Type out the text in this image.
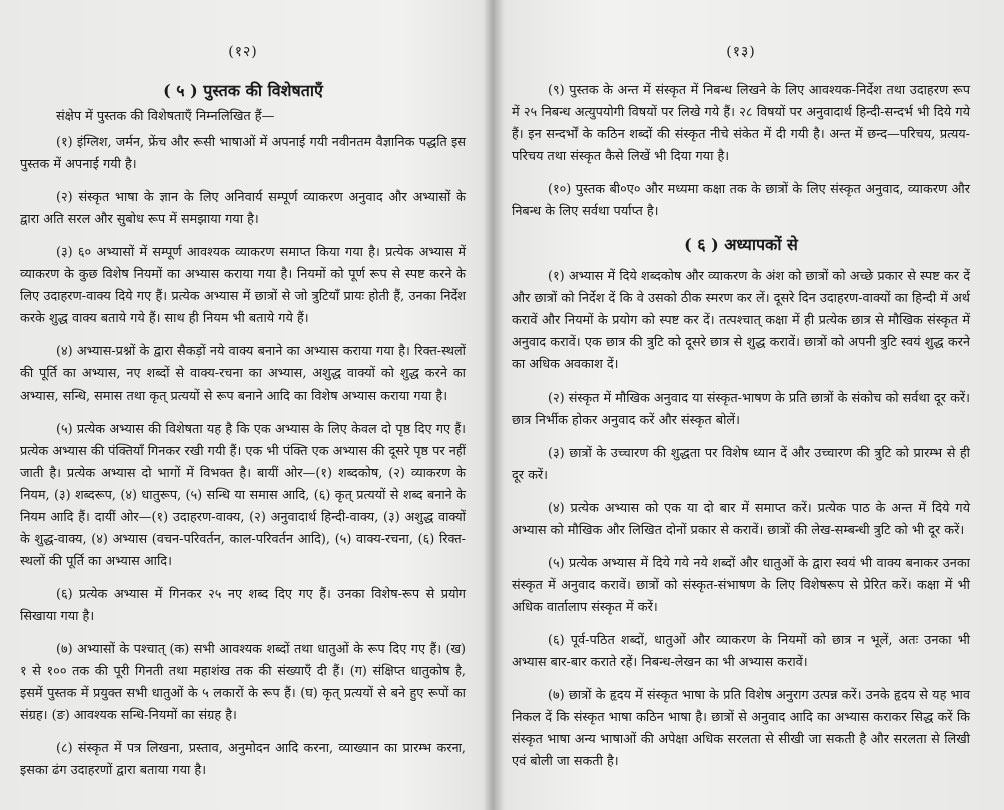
(१२)
( ५ ) पुस्तक की विशेषताएँ

संक्षेप में पुस्तक की विशेषताएँ निम्नलिखित हैं—

(१) इंग्लिश, जर्मन, फ्रेंच और रूसी भाषाओं में अपनाई गयी नवीनतम वैज्ञानिक पद्धति इस पुस्तक में अपनाई गयी है।

(२) संस्कृत भाषा के ज्ञान के लिए अनिवार्य सम्पूर्ण व्याकरण अनुवाद और अभ्यासों के द्वारा अति सरल और सुबोध रूप में समझाया गया है।

(३) ६० अभ्यासों में सम्पूर्ण आवश्यक व्याकरण समाप्त किया गया है। प्रत्येक अभ्यास में व्याकरण के कुछ विशेष नियमों का अभ्यास कराया गया है। नियमों को पूर्ण रूप से स्पष्ट करने के लिए उदाहरण-वाक्य दिये गए हैं। प्रत्येक अभ्यास में छात्रों से जो त्रुटियाँ प्रायः होती हैं, उनका निर्देश करके शुद्ध वाक्य बताये गये हैं। साथ ही नियम भी बताये गये हैं।

(४) अभ्यास-प्रश्नों के द्वारा सैकड़ों नये वाक्य बनाने का अभ्यास कराया गया है। रिक्त-स्थलों की पूर्ति का अभ्यास, नए शब्दों से वाक्य-रचना का अभ्यास, अशुद्ध वाक्यों को शुद्ध करने का अभ्यास, सन्धि, समास तथा कृत् प्रत्ययों से रूप बनाने आदि का विशेष अभ्यास कराया गया है।

(५) प्रत्येक अभ्यास की विशेषता यह है कि एक अभ्यास के लिए केवल दो पृष्ठ दिए गए हैं। प्रत्येक अभ्यास की पंक्तियाँ गिनकर रखी गयी हैं। एक भी पंक्ति एक अभ्यास की दूसरे पृष्ठ पर नहीं जाती है। प्रत्येक अभ्यास दो भागों में विभक्त है। बायीं ओर—(१) शब्दकोष, (२) व्याकरण के नियम, (३) शब्दरूप, (४) धातुरूप, (५) सन्धि या समास आदि, (६) कृत् प्रत्ययों से शब्द बनाने के नियम आदि हैं। दायीं ओर—(१) उदाहरण-वाक्य, (२) अनुवादार्थ हिन्दी-वाक्य, (३) अशुद्ध वाक्यों के शुद्ध-वाक्य, (४) अभ्यास (वचन-परिवर्तन, काल-परिवर्तन आदि), (५) वाक्य-रचना, (६) रिक्त-स्थलों की पूर्ति का अभ्यास आदि।

(६) प्रत्येक अभ्यास में गिनकर २५ नए शब्द दिए गए हैं। उनका विशेष-रूप से प्रयोग सिखाया गया है।

(७) अभ्यासों के पश्चात् (क) सभी आवश्यक शब्दों तथा धातुओं के रूप दिए गए हैं। (ख) १ से १०० तक की पूरी गिनती तथा महाशंख तक की संख्याएँ दी हैं। (ग) संक्षिप्त धातुकोष है, इसमें पुस्तक में प्रयुक्त सभी धातुओं के ५ लकारों के रूप हैं। (घ) कृत् प्रत्ययों से बने हुए रूपों का संग्रह। (ङ) आवश्यक सन्धि-नियमों का संग्रह है।

(८) संस्कृत में पत्र लिखना, प्रस्ताव, अनुमोदन आदि करना, व्याख्यान का प्रारम्भ करना, इसका ढंग उदाहरणों द्वारा बताया गया है।

(१३)

(९) पुस्तक के अन्त में संस्कृत में निबन्ध लिखने के लिए आवश्यक-निर्देश तथा उदाहरण रूप में २५ निबन्ध अत्युपयोगी विषयों पर लिखे गये हैं। २८ विषयों पर अनुवादार्थ हिन्दी-सन्दर्भ भी दिये गये हैं। इन सन्दर्भों के कठिन शब्दों की संस्कृत नीचे संकेत में दी गयी है। अन्त में छन्द—परिचय, प्रत्यय-परिचय तथा संस्कृत कैसे लिखें भी दिया गया है।

(१०) पुस्तक बी०ए० और मध्यमा कक्षा तक के छात्रों के लिए संस्कृत अनुवाद, व्याकरण और निबन्ध के लिए सर्वथा पर्याप्त है।

( ६ ) अध्यापकों से

(१) अभ्यास में दिये शब्दकोष और व्याकरण के अंश को छात्रों को अच्छे प्रकार से स्पष्ट कर दें और छात्रों को निर्देश दें कि वे उसको ठीक स्मरण कर लें। दूसरे दिन उदाहरण-वाक्यों का हिन्दी में अर्थ करावें और नियमों के प्रयोग को स्पष्ट कर दें। तत्पश्चात् कक्षा में ही प्रत्येक छात्र से मौखिक संस्कृत में अनुवाद करावें। एक छात्र की त्रुटि को दूसरे छात्र से शुद्ध करावें। छात्रों को अपनी त्रुटि स्वयं शुद्ध करने का अधिक अवकाश दें।

(२) संस्कृत में मौखिक अनुवाद या संस्कृत-भाषण के प्रति छात्रों के संकोच को सर्वथा दूर करें। छात्र निर्भीक होकर अनुवाद करें और संस्कृत बोलें।

(३) छात्रों के उच्चारण की शुद्धता पर विशेष ध्यान दें और उच्चारण की त्रुटि को प्रारम्भ से ही दूर करें।

(४) प्रत्येक अभ्यास को एक या दो बार में समाप्त करें। प्रत्येक पाठ के अन्त में दिये गये अभ्यास को मौखिक और लिखित दोनों प्रकार से करावें। छात्रों की लेख-सम्बन्धी त्रुटि को भी दूर करें।

(५) प्रत्येक अभ्यास में दिये गये नये शब्दों और धातुओं के द्वारा स्वयं भी वाक्य बनाकर उनका संस्कृत में अनुवाद करावें। छात्रों को संस्कृत-संभाषण के लिए विशेषरूप से प्रेरित करें। कक्षा में भी अधिक वार्तालाप संस्कृत में करें।

(६) पूर्व-पठित शब्दों, धातुओं और व्याकरण के नियमों को छात्र न भूलें, अतः उनका भी अभ्यास बार-बार कराते रहें। निबन्ध-लेखन का भी अभ्यास करावें।

(७) छात्रों के हृदय में संस्कृत भाषा के प्रति विशेष अनुराग उत्पन्न करें। उनके हृदय से यह भाव निकल दें कि संस्कृत भाषा कठिन भाषा है। छात्रों से अनुवाद आदि का अभ्यास कराकर सिद्ध करें कि संस्कृत भाषा अन्य भाषाओं की अपेक्षा अधिक सरलता से सीखी जा सकती है और सरलता से लिखी एवं बोली जा सकती है।
